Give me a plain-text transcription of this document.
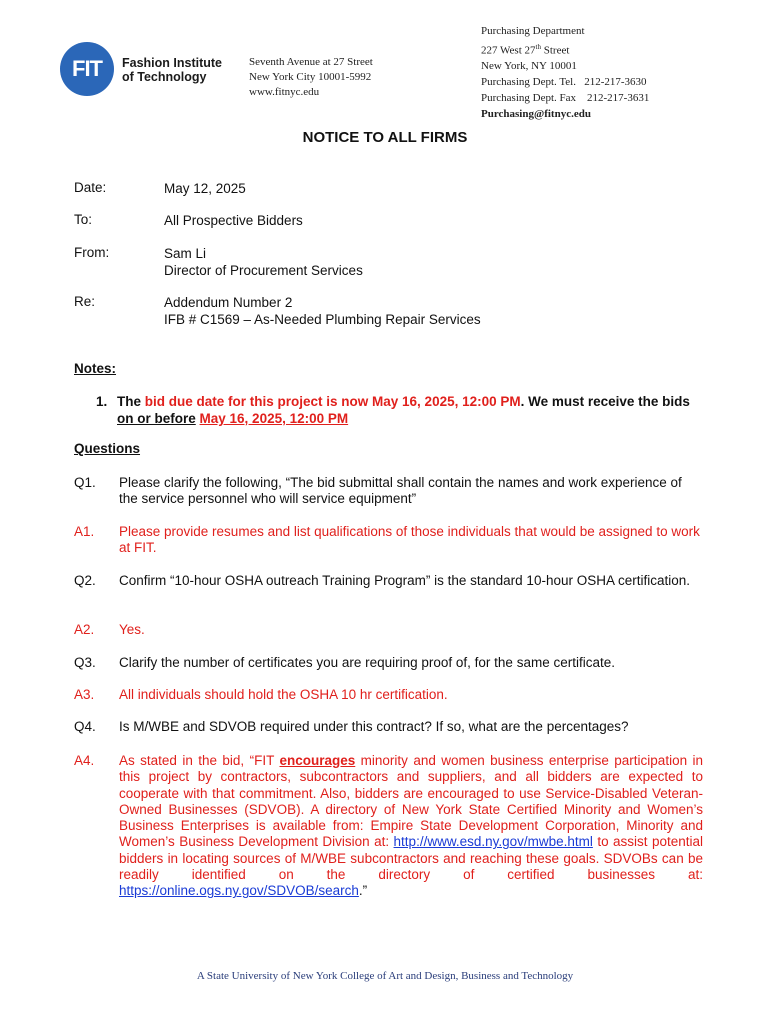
FIT Fashion Institute
of Technology
Seventh Avenue at 27 Street
New York City 10001-5992
www.fitnyc.edu
Purchasing Department
227 West 27th Street
New York, NY 10001
Purchasing Dept. Tel. 212-217-3630
Purchasing Dept. Fax 212-217-3631
Purchasing@fitnyc.edu
NOTICE TO ALL FIRMS
Date:	May 12, 2025
To:	All Prospective Bidders
From:	Sam Li
Director of Procurement Services
Re:	Addendum Number 2
IFB # C1569 – As-Needed Plumbing Repair Services
Notes:
1. The bid due date for this project is now May 16, 2025, 12:00 PM. We must receive the bids on or before May 16, 2025, 12:00 PM
Questions
Q1. Please clarify the following, “The bid submittal shall contain the names and work experience of the service personnel who will service equipment”
A1. Please provide resumes and list qualifications of those individuals that would be assigned to work at FIT.
Q2. Confirm “10-hour OSHA outreach Training Program” is the standard 10-hour OSHA certification.
A2. Yes.
Q3. Clarify the number of certificates you are requiring proof of, for the same certificate.
A3. All individuals should hold the OSHA 10 hr certification.
Q4. Is M/WBE and SDVOB required under this contract? If so, what are the percentages?
A4. As stated in the bid, “FIT encourages minority and women business enterprise participation in this project by contractors, subcontractors and suppliers, and all bidders are expected to cooperate with that commitment. Also, bidders are encouraged to use Service-Disabled Veteran-Owned Businesses (SDVOB). A directory of New York State Certified Minority and Women’s Business Enterprises is available from: Empire State Development Corporation, Minority and Women’s Business Development Division at: http://www.esd.ny.gov/mwbe.html to assist potential bidders in locating sources of M/WBE subcontractors and reaching these goals. SDVOBs can be readily identified on the directory of certified businesses at: https://online.ogs.ny.gov/SDVOB/search.”
A State University of New York College of Art and Design, Business and Technology
